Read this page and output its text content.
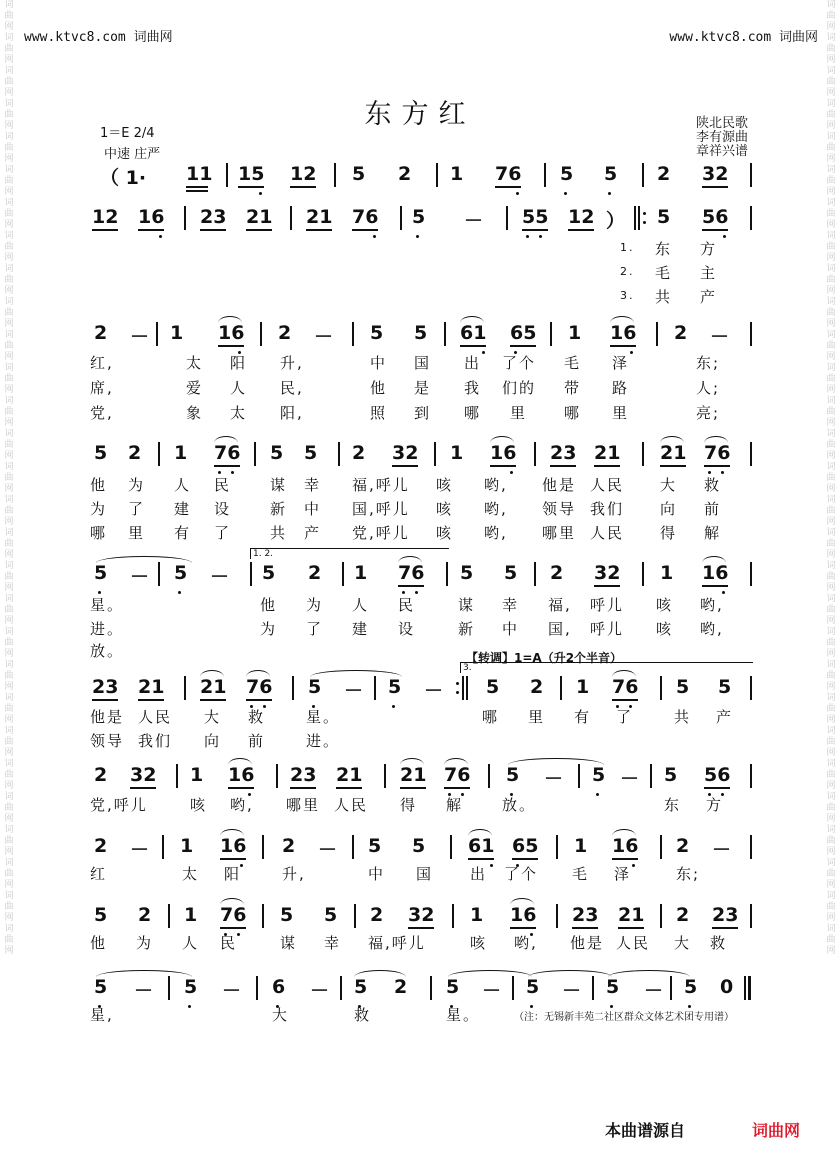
词曲网词曲网词曲网词曲网词曲网词曲网词曲网词曲网词曲网词曲网词曲网词曲网词曲网词曲网词曲网词曲网词曲网词曲网词曲网词曲网词曲网词曲网词曲网词曲网词曲网词曲网词曲网词曲网词曲网
词曲网词曲网词曲网词曲网词曲网词曲网词曲网词曲网词曲网词曲网词曲网词曲网词曲网词曲网词曲网词曲网词曲网词曲网词曲网词曲网词曲网词曲网词曲网词曲网词曲网词曲网词曲网词曲网词曲网
www.ktvc8.com 词曲网	www.ktvc8.com 词曲网
东方红
1＝E 2/4
中速 庄严
陕北民歌
李有源曲
章祥兴谱
（ 1· 11 15 12 5 2 1 76 5 5 2 32
12 16 23 21 21 76 5 － 55 12 ） 5 56
1. 东 方
2. 毛 主
3. 共 产
2 － 1 16 2 － 5 5 61 65 1 16 2 －
红,	太 阳 升,	中 国 出 了个 毛 泽	东;
席,	爱 人 民,	他 是 我 们的 带 路	人;
党,	象 太 阳,	照 到 哪 里 哪 里	亮;
5 2 1 76 5 5 2 32 1 16 23 21 21 76
他 为 人 民	谋 幸 福,呼儿 咳 哟, 他是 人民 大 救
为 了 建 设	新 中 国,呼儿 咳 哟, 领导 我们 向 前
哪 里 有 了	共 产 党,呼儿 咳 哟, 哪里 人民 得 解
1. 2.
5 － 5 － 5 2 1 76 5 5 2 32 1 16
星。	他 为 人 民	谋 幸 福, 呼儿 咳 哟,
进。	为 了 建 设	新 中 国, 呼儿 咳 哟,
放。	【转调】1=A（升2个半音）
3.
23 21 21 76 5 － 5 － 5 2 1 76 5 5
他是 人民 大 救	星。	哪 里 有 了	共 产
领导 我们 向 前	进。
2 32 1 16 23 21 21 76 5 － 5 － 5 56
党,呼儿	咳 哟, 哪里 人民 得 解	放。	东 方
2 － 1 16 2 － 5 5 61 65 1 16 2 －
红	太 阳	升,	中 国 出 了个 毛 泽	东;
5 2 1 76 5 5 2 32 1 16 23 21 2 23
他 为 人 民	谋 幸 福,呼儿	咳 哟, 他是 人民 大 救
5 － 5 － 6 － 5 2 5 － 5 － 5 － 5 0
星,	大	救	星。	（注：无锡新丰苑二社区群众文体艺术团专用谱）
本曲谱源自	词曲网
